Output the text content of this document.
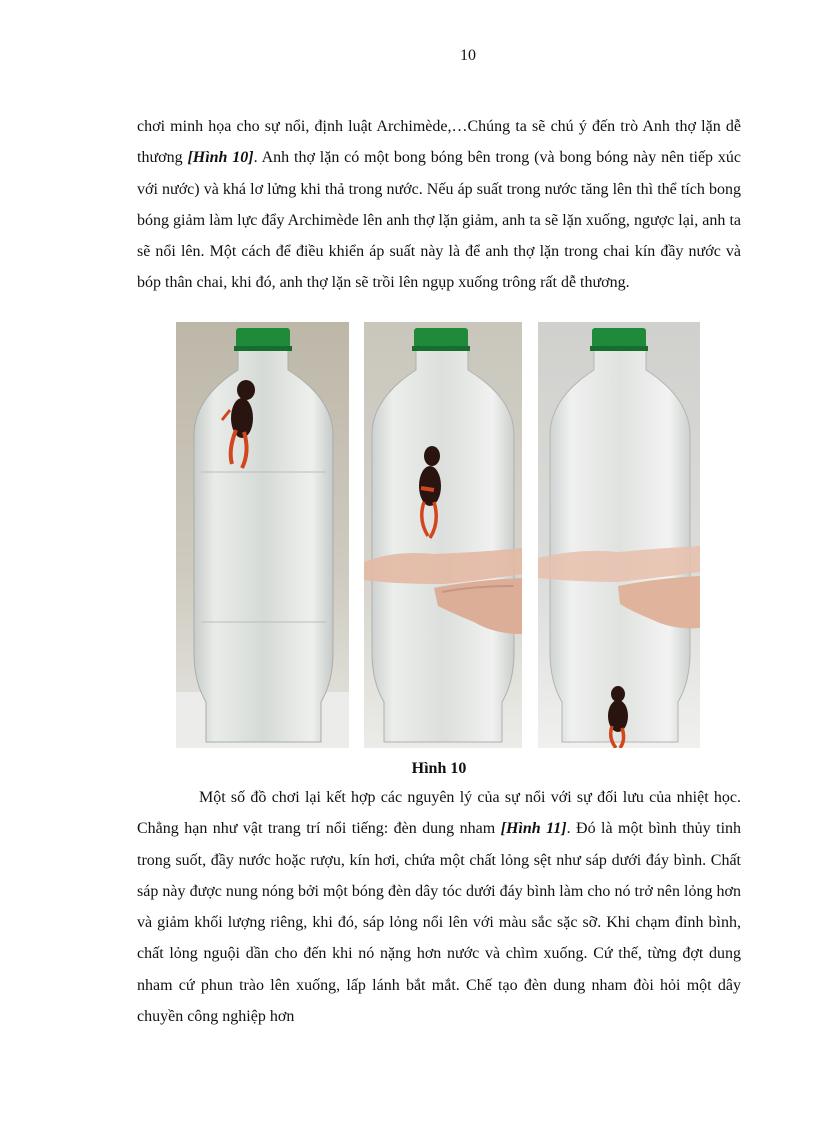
10

chơi minh họa cho sự nổi, định luật Archimède,…Chúng ta sẽ chú ý đến trò Anh thợ lặn dễ thương [Hình 10]. Anh thợ lặn có một bong bóng bên trong (và bong bóng này nên tiếp xúc với nước) và khá lơ lửng khi thả trong nước. Nếu áp suất trong nước tăng lên thì thể tích bong bóng giảm làm lực đẩy Archimède lên anh thợ lặn giảm, anh ta sẽ lặn xuống, ngược lại, anh ta sẽ nổi lên. Một cách để điều khiển áp suất này là để anh thợ lặn trong chai kín đầy nước và bóp thân chai, khi đó, anh thợ lặn sẽ trồi lên ngụp xuống trông rất dễ thương.

Hình 10

Một số đồ chơi lại kết hợp các nguyên lý của sự nổi với sự đối lưu của nhiệt học. Chẳng hạn như vật trang trí nổi tiếng: đèn dung nham [Hình 11]. Đó là một bình thủy tinh trong suốt, đầy nước hoặc rượu, kín hơi, chứa một chất lỏng sệt như sáp dưới đáy bình. Chất sáp này được nung nóng bởi một bóng đèn dây tóc dưới đáy bình làm cho nó trở nên lỏng hơn và giảm khối lượng riêng, khi đó, sáp lỏng nổi lên với màu sắc sặc sỡ. Khi chạm đỉnh bình, chất lỏng nguội dần cho đến khi nó nặng hơn nước và chìm xuống. Cứ thế, từng đợt dung nham cứ phun trào lên xuống, lấp lánh bắt mắt. Chế tạo đèn dung nham đòi hỏi một dây chuyền công nghiệp hơn
